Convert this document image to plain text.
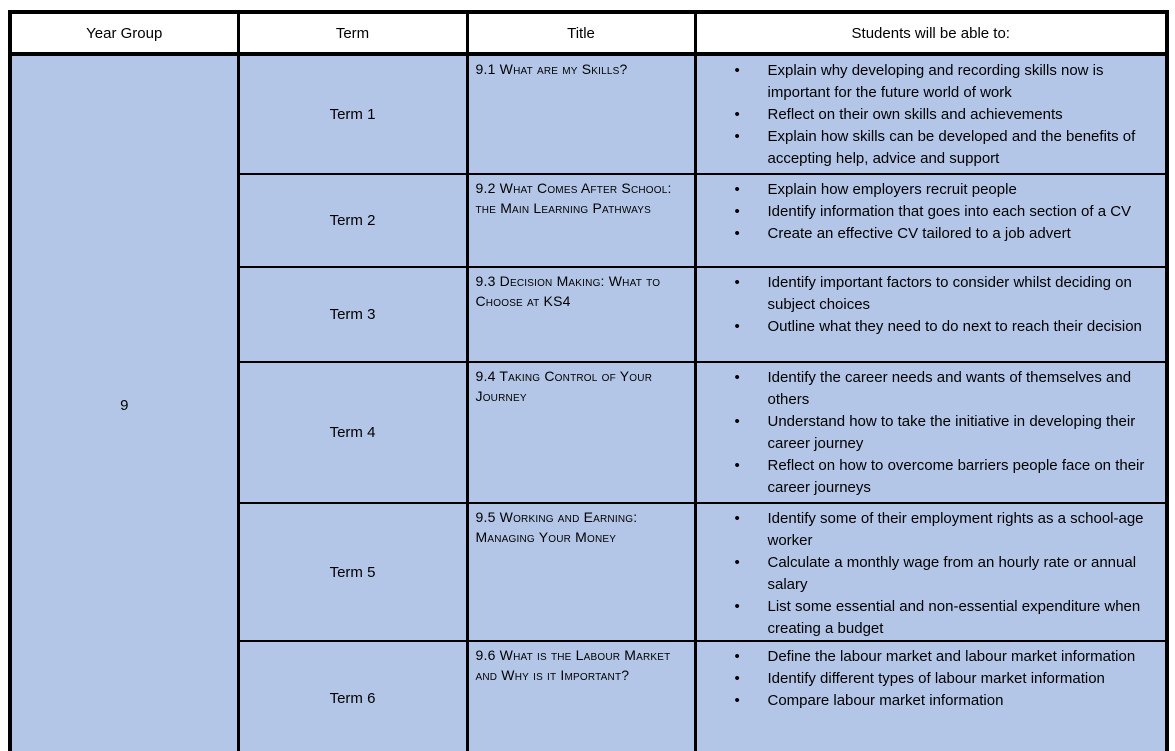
Year Group	Term	Title	Students will be able to:
9	Term 1	9.1 What are my Skills?	
•Explain why developing and recording skills now is important for the future world of work
• Reflect on their own skills and achievements
• Explain how skills can be developed and the benefits of accepting help, advice and support

Term 2	9.2 What Comes After School: the Main Learning Pathways	
• Explain how employers recruit people
• Identify information that goes into each section of a CV
• Create an effective CV tailored to a job advert

Term 3	9.3 Decision Making: What to Choose at KS4	
• Identify important factors to consider whilst deciding on subject choices
• Outline what they need to do next to reach their decision

Term 4	9.4 Taking Control of Your Journey	
• Identify the career needs and wants of themselves and others
• Understand how to take the initiative in developing their career journey
• Reflect on how to overcome barriers people face on their career journeys

Term 5	9.5 Working and Earning: Managing Your Money	
• Identify some of their employment rights as a school-age worker
• Calculate a monthly wage from an hourly rate or annual salary
• List some essential and non-essential expenditure when creating a budget

Term 6	9.6 What is the Labour Market and Why is it Important?	
• Define the labour market and labour market information
• Identify different types of labour market information
• Compare labour market information
